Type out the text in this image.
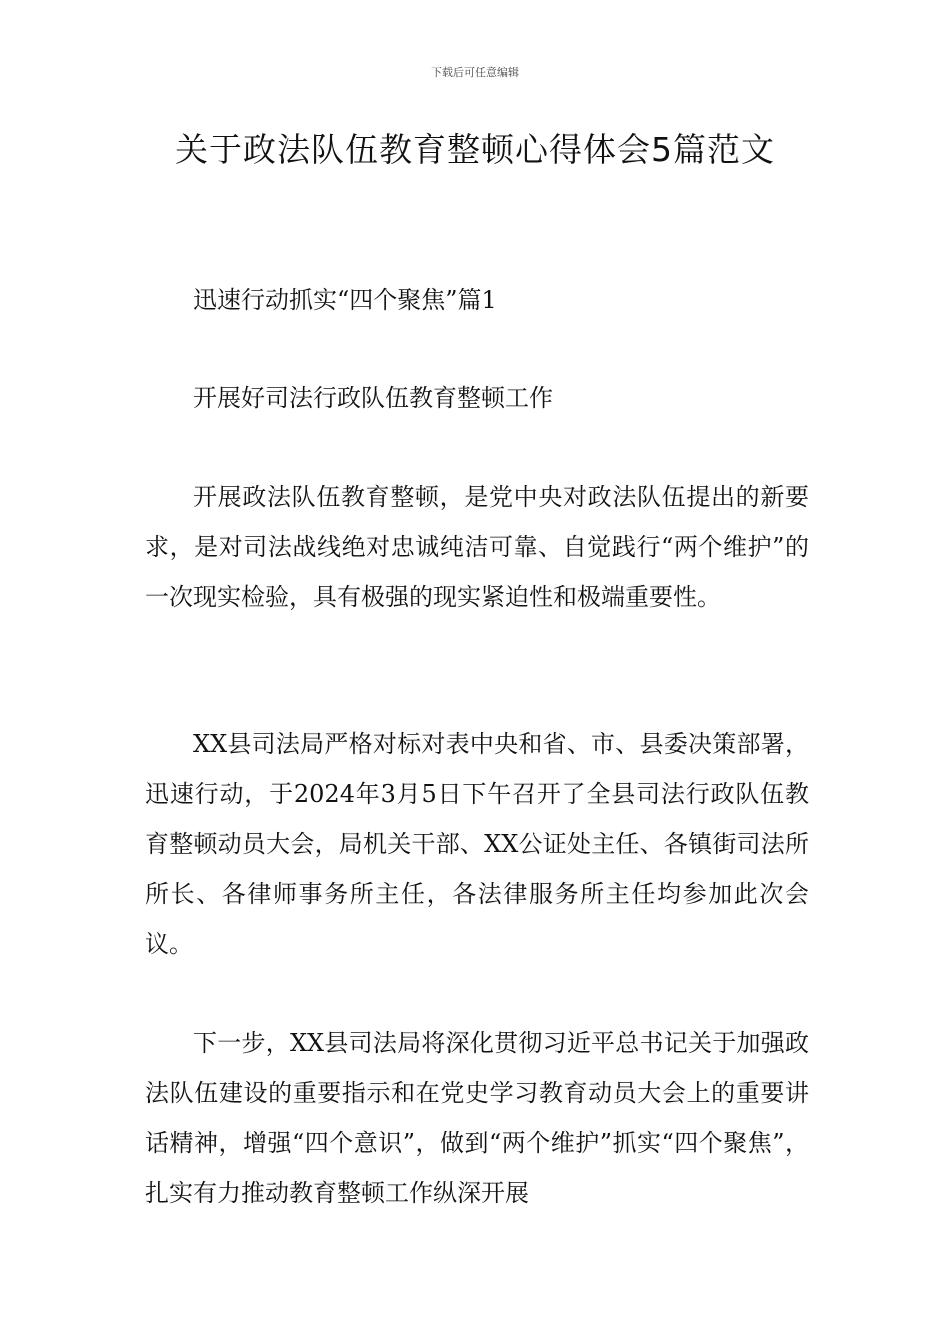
下载后可任意编辑
关于政法队伍教育整顿心得体会5篇范文

迅速行动抓实“四个聚焦”篇1

开展好司法行政队伍教育整顿工作

开展政法队伍教育整顿，是党中央对政法队伍提出的新要求，是对司法战线绝对忠诚纯洁可靠、自觉践行“两个维护”的一次现实检验，具有极强的现实紧迫性和极端重要性。

XX县司法局严格对标对表中央和省、市、县委决策部署，迅速行动，于2024年3月5日下午召开了全县司法行政队伍教育整顿动员大会，局机关干部、XX公证处主任、各镇街司法所所长、各律师事务所主任，各法律服务所主任均参加此次会议。

下一步，XX县司法局将深化贯彻习近平总书记关于加强政法队伍建设的重要指示和在党史学习教育动员大会上的重要讲话精神，增强“四个意识”，做到“两个维护”抓实“四个聚焦”，扎实有力推动教育整顿工作纵深开展
